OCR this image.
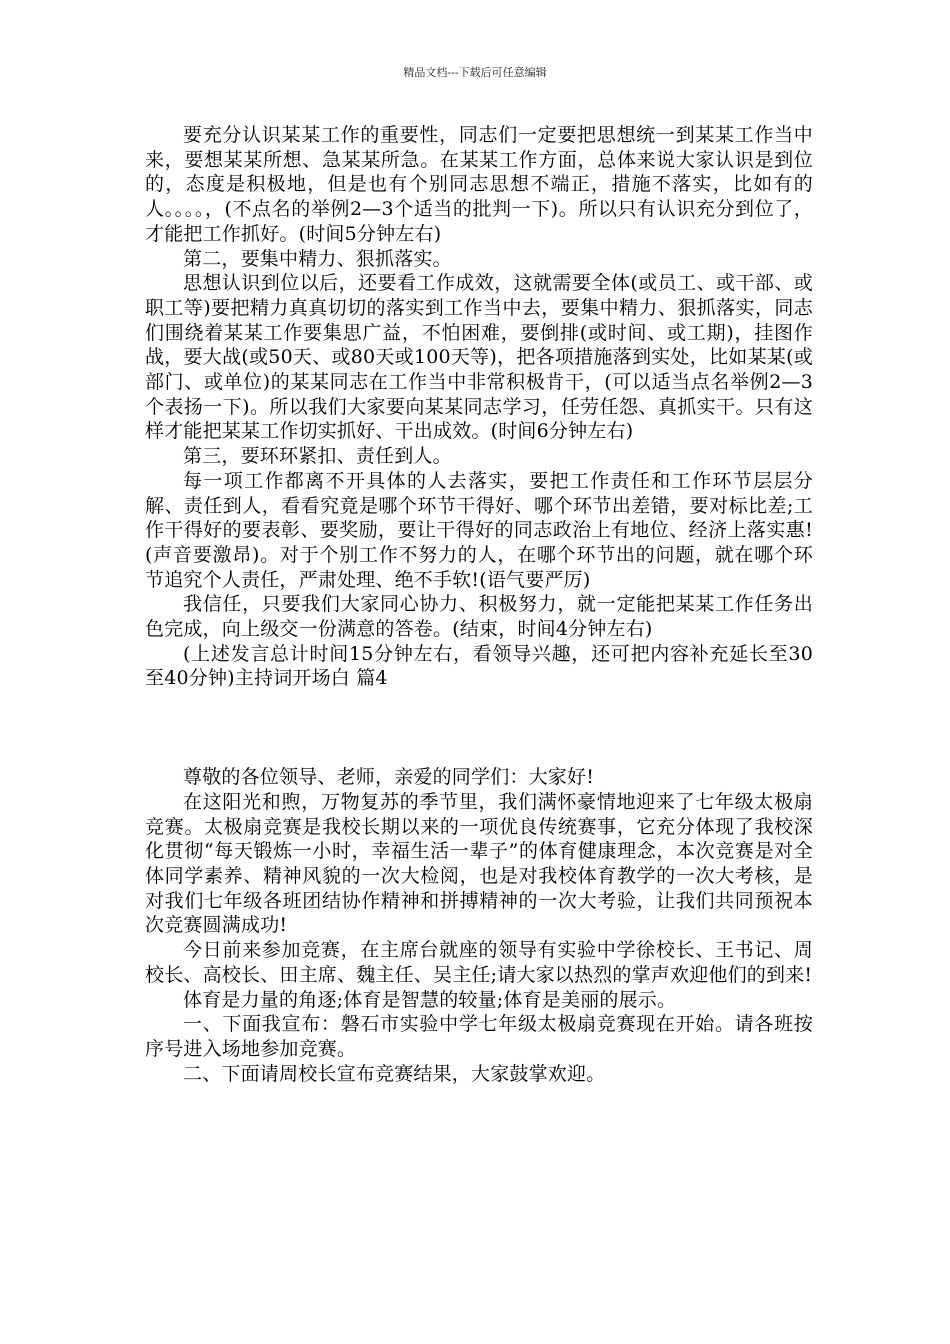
精品文档---下载后可任意编辑

要充分认识某某工作的重要性，同志们一定要把思想统一到某某工作当中来，要想某某所想、急某某所急。在某某工作方面，总体来说大家认识是到位的，态度是积极地，但是也有个别同志思想不端正，措施不落实，比如有的人。。。。，(不点名的举例2—3个适当的批判一下)。所以只有认识充分到位了，才能把工作抓好。(时间5分钟左右)

第二，要集中精力、狠抓落实。

思想认识到位以后，还要看工作成效，这就需要全体(或员工、或干部、或职工等)要把精力真真切切的落实到工作当中去，要集中精力、狠抓落实，同志们围绕着某某工作要集思广益，不怕困难，要倒排(或时间、或工期)，挂图作战，要大战(或50天、或80天或100天等)，把各项措施落到实处，比如某某(或部门、或单位)的某某同志在工作当中非常积极肯干，(可以适当点名举例2—3个表扬一下)。所以我们大家要向某某同志学习，任劳任怨、真抓实干。只有这样才能把某某工作切实抓好、干出成效。(时间6分钟左右)

第三，要环环紧扣、责任到人。

每一项工作都离不开具体的人去落实，要把工作责任和工作环节层层分解、责任到人，看看究竟是哪个环节干得好、哪个环节出差错，要对标比差;工作干得好的要表彰、要奖励，要让干得好的同志政治上有地位、经济上落实惠!(声音要激昂)。对于个别工作不努力的人，在哪个环节出的问题，就在哪个环节追究个人责任，严肃处理、绝不手软!(语气要严厉)

我信任，只要我们大家同心协力、积极努力，就一定能把某某工作任务出色完成，向上级交一份满意的答卷。(结束，时间4分钟左右)

(上述发言总计时间15分钟左右，看领导兴趣，还可把内容补充延长至30至40分钟)主持词开场白 篇4

尊敬的各位领导、老师，亲爱的同学们：大家好!

在这阳光和煦，万物复苏的季节里，我们满怀豪情地迎来了七年级太极扇竞赛。太极扇竞赛是我校长期以来的一项优良传统赛事，它充分体现了我校深化贯彻“每天锻炼一小时，幸福生活一辈子”的体育健康理念，本次竞赛是对全体同学素养、精神风貌的一次大检阅，也是对我校体育教学的一次大考核，是对我们七年级各班团结协作精神和拼搏精神的一次大考验，让我们共同预祝本次竞赛圆满成功!

今日前来参加竞赛，在主席台就座的领导有实验中学徐校长、王书记、周校长、高校长、田主席、魏主任、吴主任;请大家以热烈的掌声欢迎他们的到来!

体育是力量的角逐;体育是智慧的较量;体育是美丽的展示。

一、下面我宣布：磐石市实验中学七年级太极扇竞赛现在开始。请各班按序号进入场地参加竞赛。

二、下面请周校长宣布竞赛结果，大家鼓掌欢迎。
